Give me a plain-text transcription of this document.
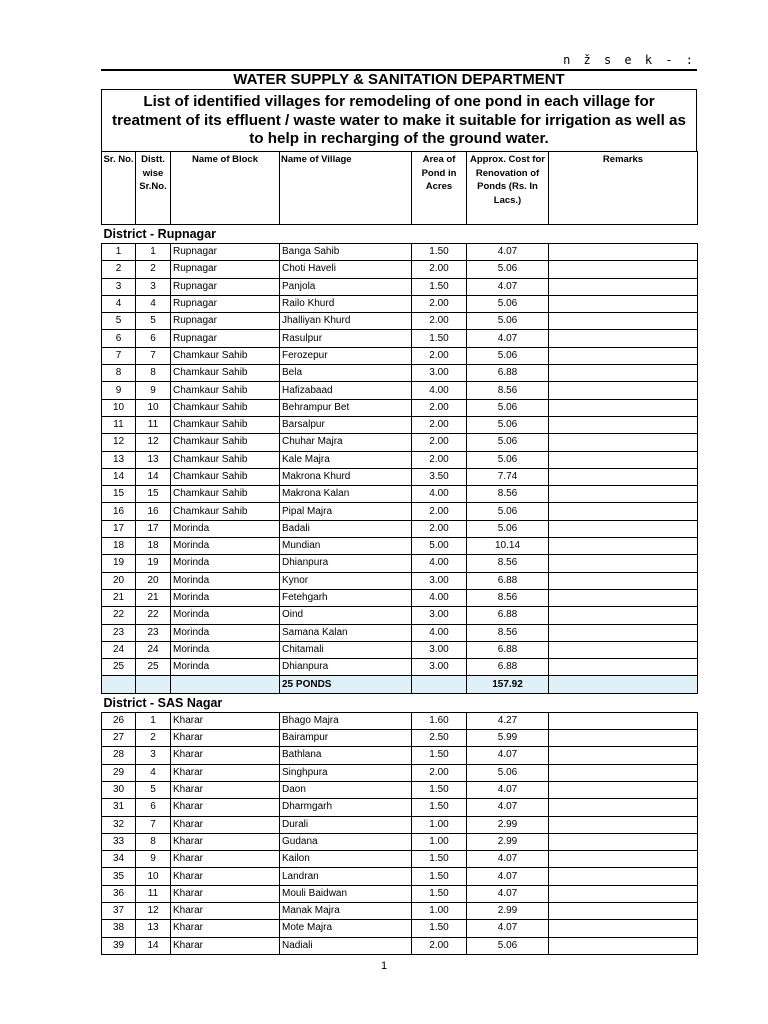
n ž s e k - :
WATER SUPPLY & SANITATION DEPARTMENT
List of identified villages for remodeling of one pond in each village for treatment of its effluent / waste water to make it suitable for irrigation as well as to help in recharging of the ground water.
Sr. No.	Distt. wise Sr.No.	Name of Block	Name of Village	Area of Pond in Acres	Approx. Cost for Renovation of Ponds (Rs. In Lacs.)	Remarks
District - Rupnagar						
1	1	Rupnagar	Banga Sahib	1.50	4.07	
2	2	Rupnagar	Choti Haveli	2.00	5.06	
3	3	Rupnagar	Panjola	1.50	4.07	
4	4	Rupnagar	Railo Khurd	2.00	5.06	
5	5	Rupnagar	Jhalliyan Khurd	2.00	5.06	
6	6	Rupnagar	Rasulpur	1.50	4.07	
7	7	Chamkaur Sahib	Ferozepur	2.00	5.06	
8	8	Chamkaur Sahib	Bela	3.00	6.88	
9	9	Chamkaur Sahib	Hafizabaad	4.00	8.56	
10	10	Chamkaur Sahib	Behrampur Bet	2.00	5.06	
11	11	Chamkaur Sahib	Barsalpur	2.00	5.06	
12	12	Chamkaur Sahib	Chuhar Majra	2.00	5.06	
13	13	Chamkaur Sahib	Kale Majra	2.00	5.06	
14	14	Chamkaur Sahib	Makrona Khurd	3.50	7.74	
15	15	Chamkaur Sahib	Makrona Kalan	4.00	8.56	
16	16	Chamkaur Sahib	Pipal Majra	2.00	5.06	
17	17	Morinda	Badali	2.00	5.06	
18	18	Morinda	Mundian	5.00	10.14	
19	19	Morinda	Dhianpura	4.00	8.56	
20	20	Morinda	Kynor	3.00	6.88	
21	21	Morinda	Fetehgarh	4.00	8.56	
22	22	Morinda	Oind	3.00	6.88	
23	23	Morinda	Samana Kalan	4.00	8.56	
24	24	Morinda	Chitamali	3.00	6.88	
25	25	Morinda	Dhianpura	3.00	6.88	
			25 PONDS		157.92	
District - SAS Nagar						
26	1	Kharar	Bhago Majra	1.60	4.27	
27	2	Kharar	Bairampur	2.50	5.99	
28	3	Kharar	Bathlana	1.50	4.07	
29	4	Kharar	Singhpura	2.00	5.06	
30	5	Kharar	Daon	1.50	4.07	
31	6	Kharar	Dharmgarh	1.50	4.07	
32	7	Kharar	Durali	1.00	2.99	
33	8	Kharar	Gudana	1.00	2.99	
34	9	Kharar	Kailon	1.50	4.07	
35	10	Kharar	Landran	1.50	4.07	
36	11	Kharar	Mouli Baidwan	1.50	4.07	
37	12	Kharar	Manak Majra	1.00	2.99	
38	13	Kharar	Mote Majra	1.50	4.07	
39	14	Kharar	Nadiali	2.00	5.06	
1
